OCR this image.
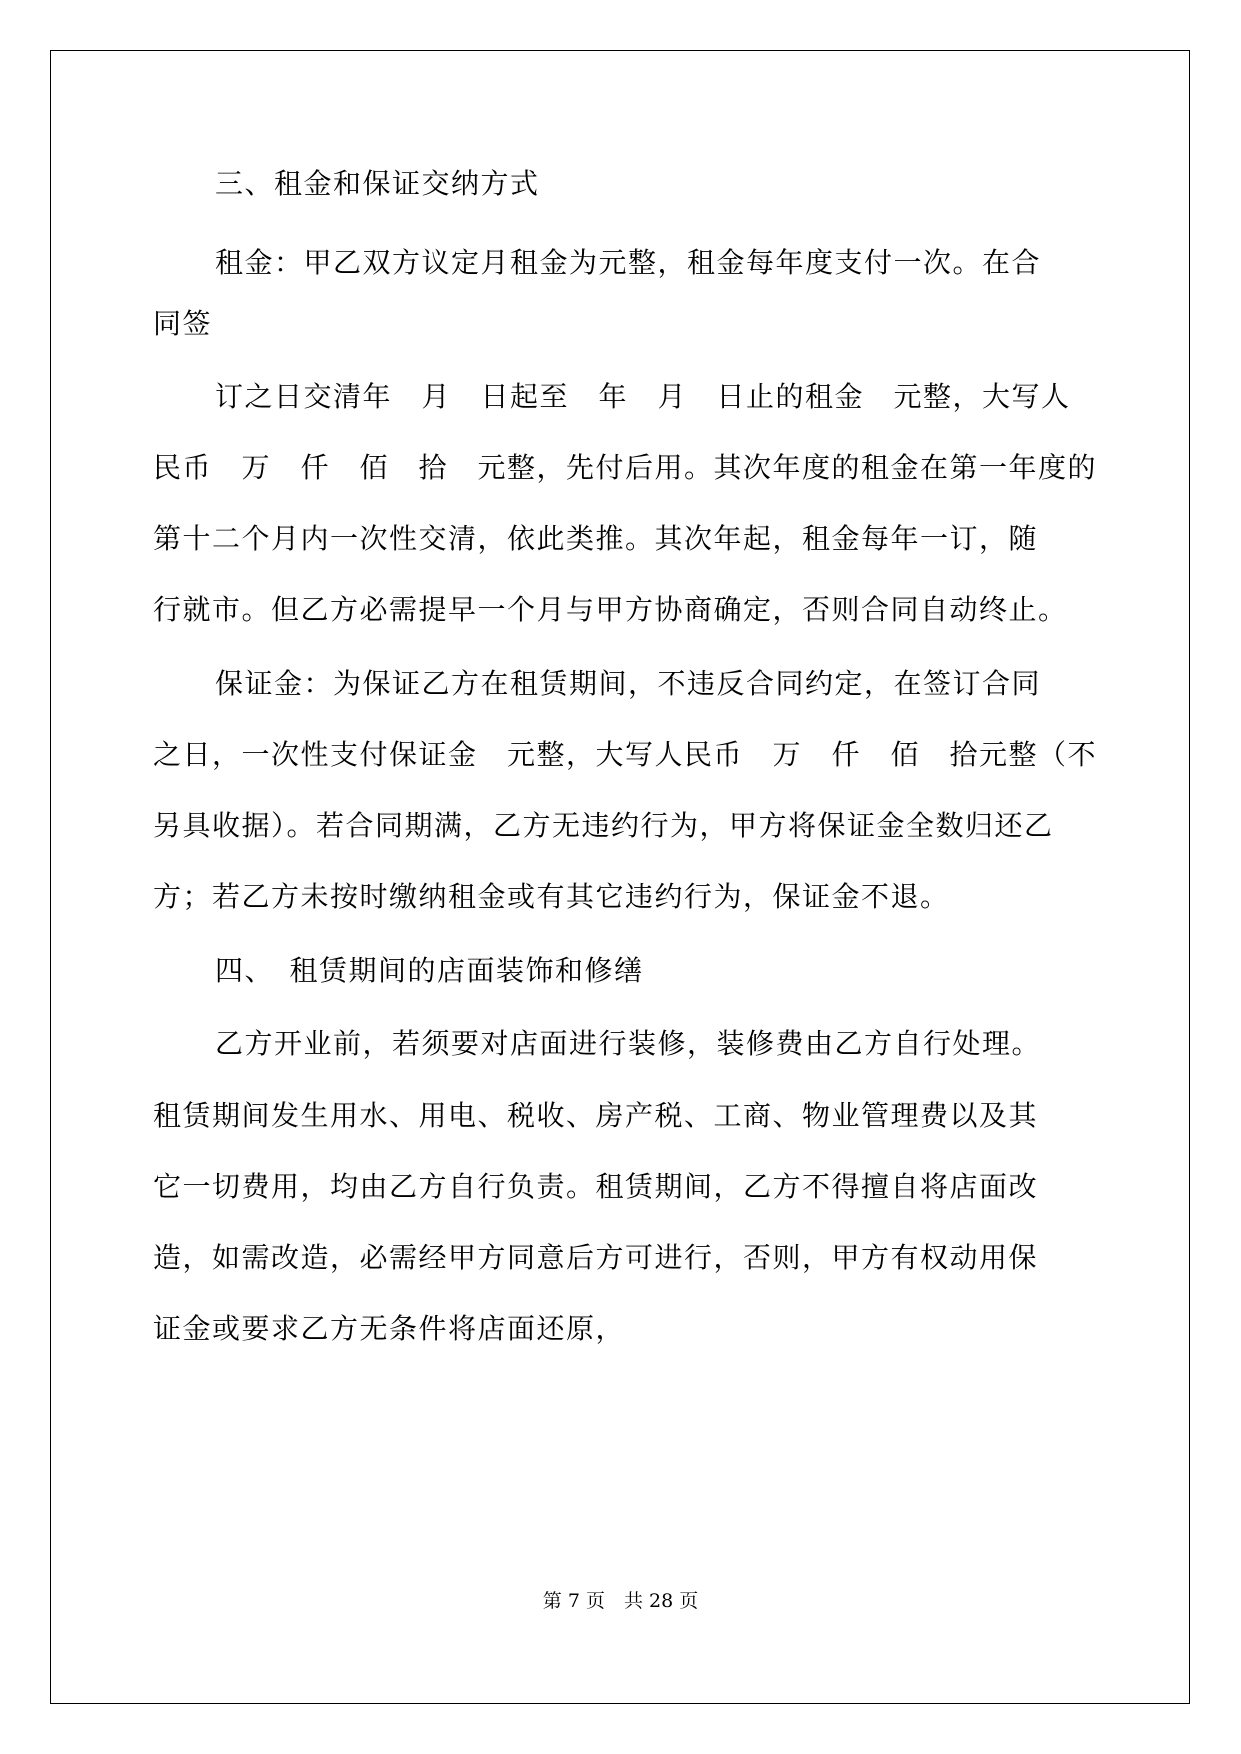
三、租金和保证交纳方式
租金：甲乙双方议定月租金为元整，租金每年度支付一次。在合
同签
订之日交清年　月　日起至　年　月　日止的租金　元整，大写人
民币　万　仟　佰　拾　元整，先付后用。其次年度的租金在第一年度的
第十二个月内一次性交清，依此类推。其次年起，租金每年一订，随
行就市。但乙方必需提早一个月与甲方协商确定，否则合同自动终止。
保证金：为保证乙方在租赁期间，不违反合同约定，在签订合同
之日，一次性支付保证金　元整，大写人民币　万　仟　佰　拾元整（不
另具收据）。若合同期满，乙方无违约行为，甲方将保证金全数归还乙
方；若乙方未按时缴纳租金或有其它违约行为，保证金不退。
四、　租赁期间的店面装饰和修缮
乙方开业前，若须要对店面进行装修，装修费由乙方自行处理。
租赁期间发生用水、用电、税收、房产税、工商、物业管理费以及其
它一切费用，均由乙方自行负责。租赁期间，乙方不得擅自将店面改
造，如需改造，必需经甲方同意后方可进行，否则，甲方有权动用保
证金或要求乙方无条件将店面还原，
第 7 页　共 28 页
